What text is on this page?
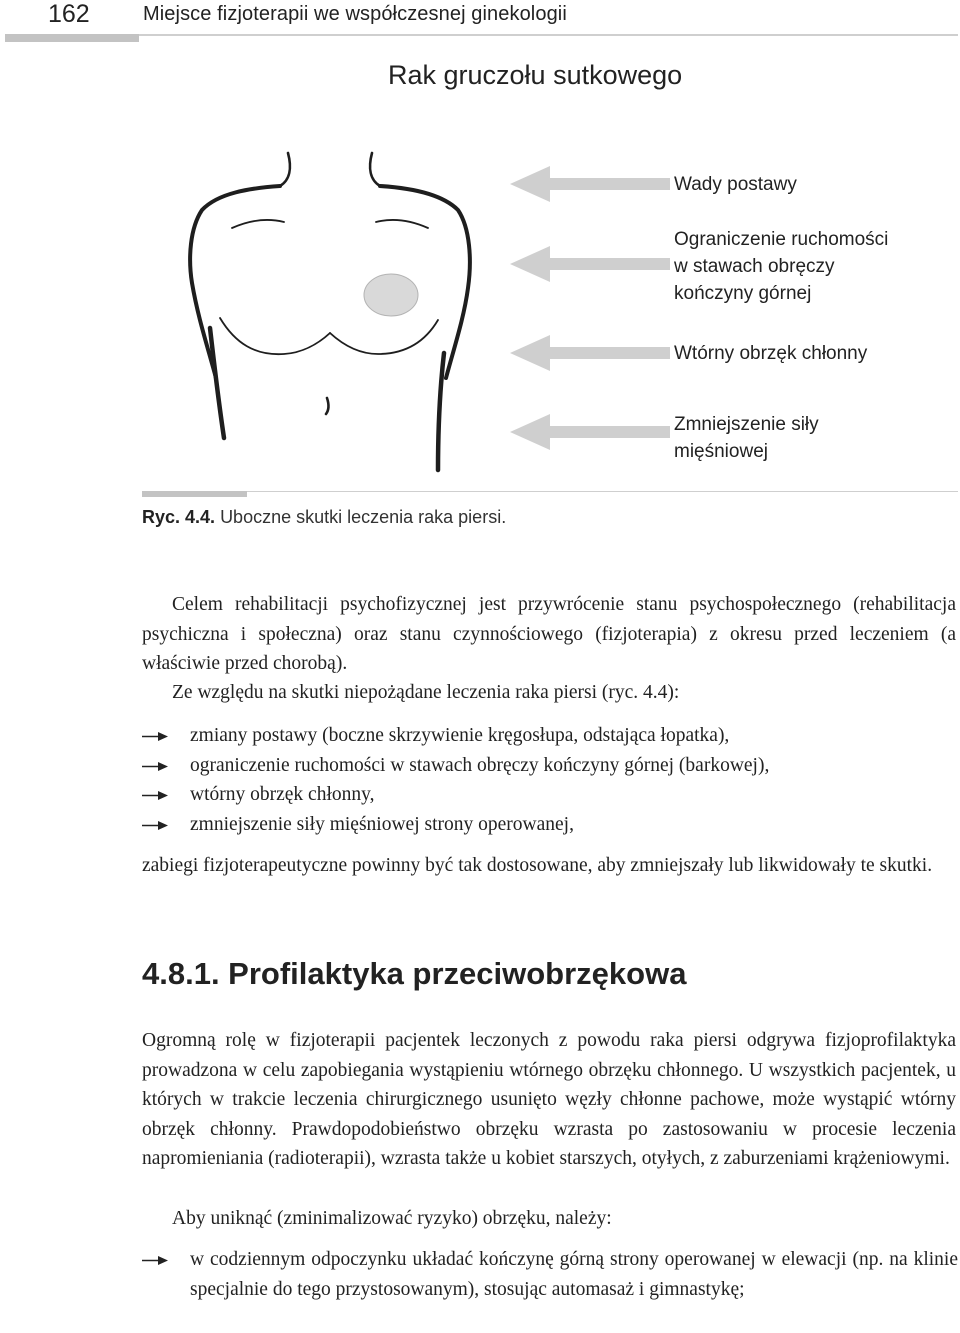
162	Miejsce fizjoterapii we współczesnej ginekologii
Rak gruczołu sutkowego
Wady postawy
Ograniczenie ruchomości
w stawach obręczy
kończyny górnej
Wtórny obrzęk chłonny
Zmniejszenie siły
mięśniowej
Ryc. 4.4. Uboczne skutki leczenia raka piersi.
Celem rehabilitacji psychofizycznej jest przywrócenie stanu psychospołecznego (rehabilitacja psychiczna i społeczna) oraz stanu czynnościowego (fizjoterapia) z okresu przed leczeniem (a właściwie przed chorobą).
Ze względu na skutki niepożądane leczenia raka piersi (ryc. 4.4):
zmiany postawy (boczne skrzywienie kręgosłupa, odstająca łopatka),
ograniczenie ruchomości w stawach obręczy kończyny górnej (barkowej),
wtórny obrzęk chłonny,
zmniejszenie siły mięśniowej strony operowanej,
zabiegi fizjoterapeutyczne powinny być tak dostosowane, aby zmniejszały lub likwidowały te skutki.
4.8.1. Profilaktyka przeciwobrzękowa
Ogromną rolę w fizjoterapii pacjentek leczonych z powodu raka piersi odgrywa fizjoprofilaktyka prowadzona w celu zapobiegania wystąpieniu wtórnego obrzęku chłonnego. U wszystkich pacjentek, u których w trakcie leczenia chirurgicznego usunięto węzły chłonne pachowe, może wystąpić wtórny obrzęk chłonny. Prawdopodobieństwo obrzęku wzrasta po zastosowaniu w procesie leczenia napromieniania (radioterapii), wzrasta także u kobiet starszych, otyłych, z zaburzeniami krążeniowymi.
Aby uniknąć (zminimalizować ryzyko) obrzęku, należy:
w codziennym odpoczynku układać kończynę górną strony operowanej w elewacji (np. na klinie specjalnie do tego przystosowanym), stosując automasaż i gimnastykę;
